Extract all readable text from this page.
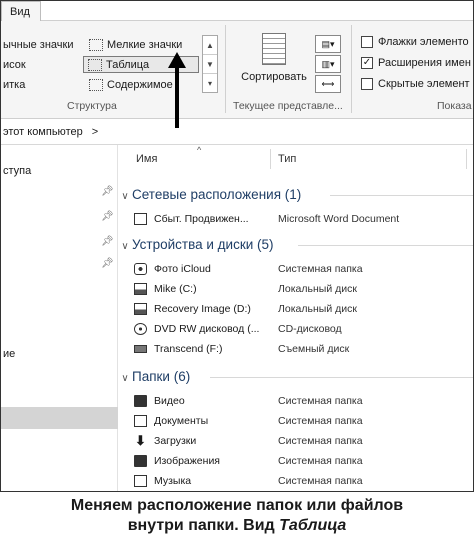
Вид
ычные значки
исок
итка
Мелкие значки
Таблица
Содержимое
▲
▼
▾
Структура
Сортировать
▤▾
▥▾
⟷
Текущее представле...
Флажки элементо
✓ Расширения имен
Скрытые элемент
Показа
этот компьютер >
ступа
📌︎
📌︎
📌︎
📌︎
ие
^
Имя	Тип
∨ Сетевые расположения (1)
Сбыт. Продвижен...	Microsoft Word Document
∨ Устройства и диски (5)
Фото iCloud	Системная папка
Mike (C:)	Локальный диск
Recovery Image (D:)	Локальный диск
DVD RW дисковод (...	CD-дисковод
Transcend (F:)	Съемный диск
∨ Папки (6)
Видео	Системная папка
Документы	Системная папка
⬇ Загрузки	Системная папка
Изображения	Системная папка
Музыка	Системная папка
Меняем расположение папок или файлов
внутри папки. Вид Таблица
